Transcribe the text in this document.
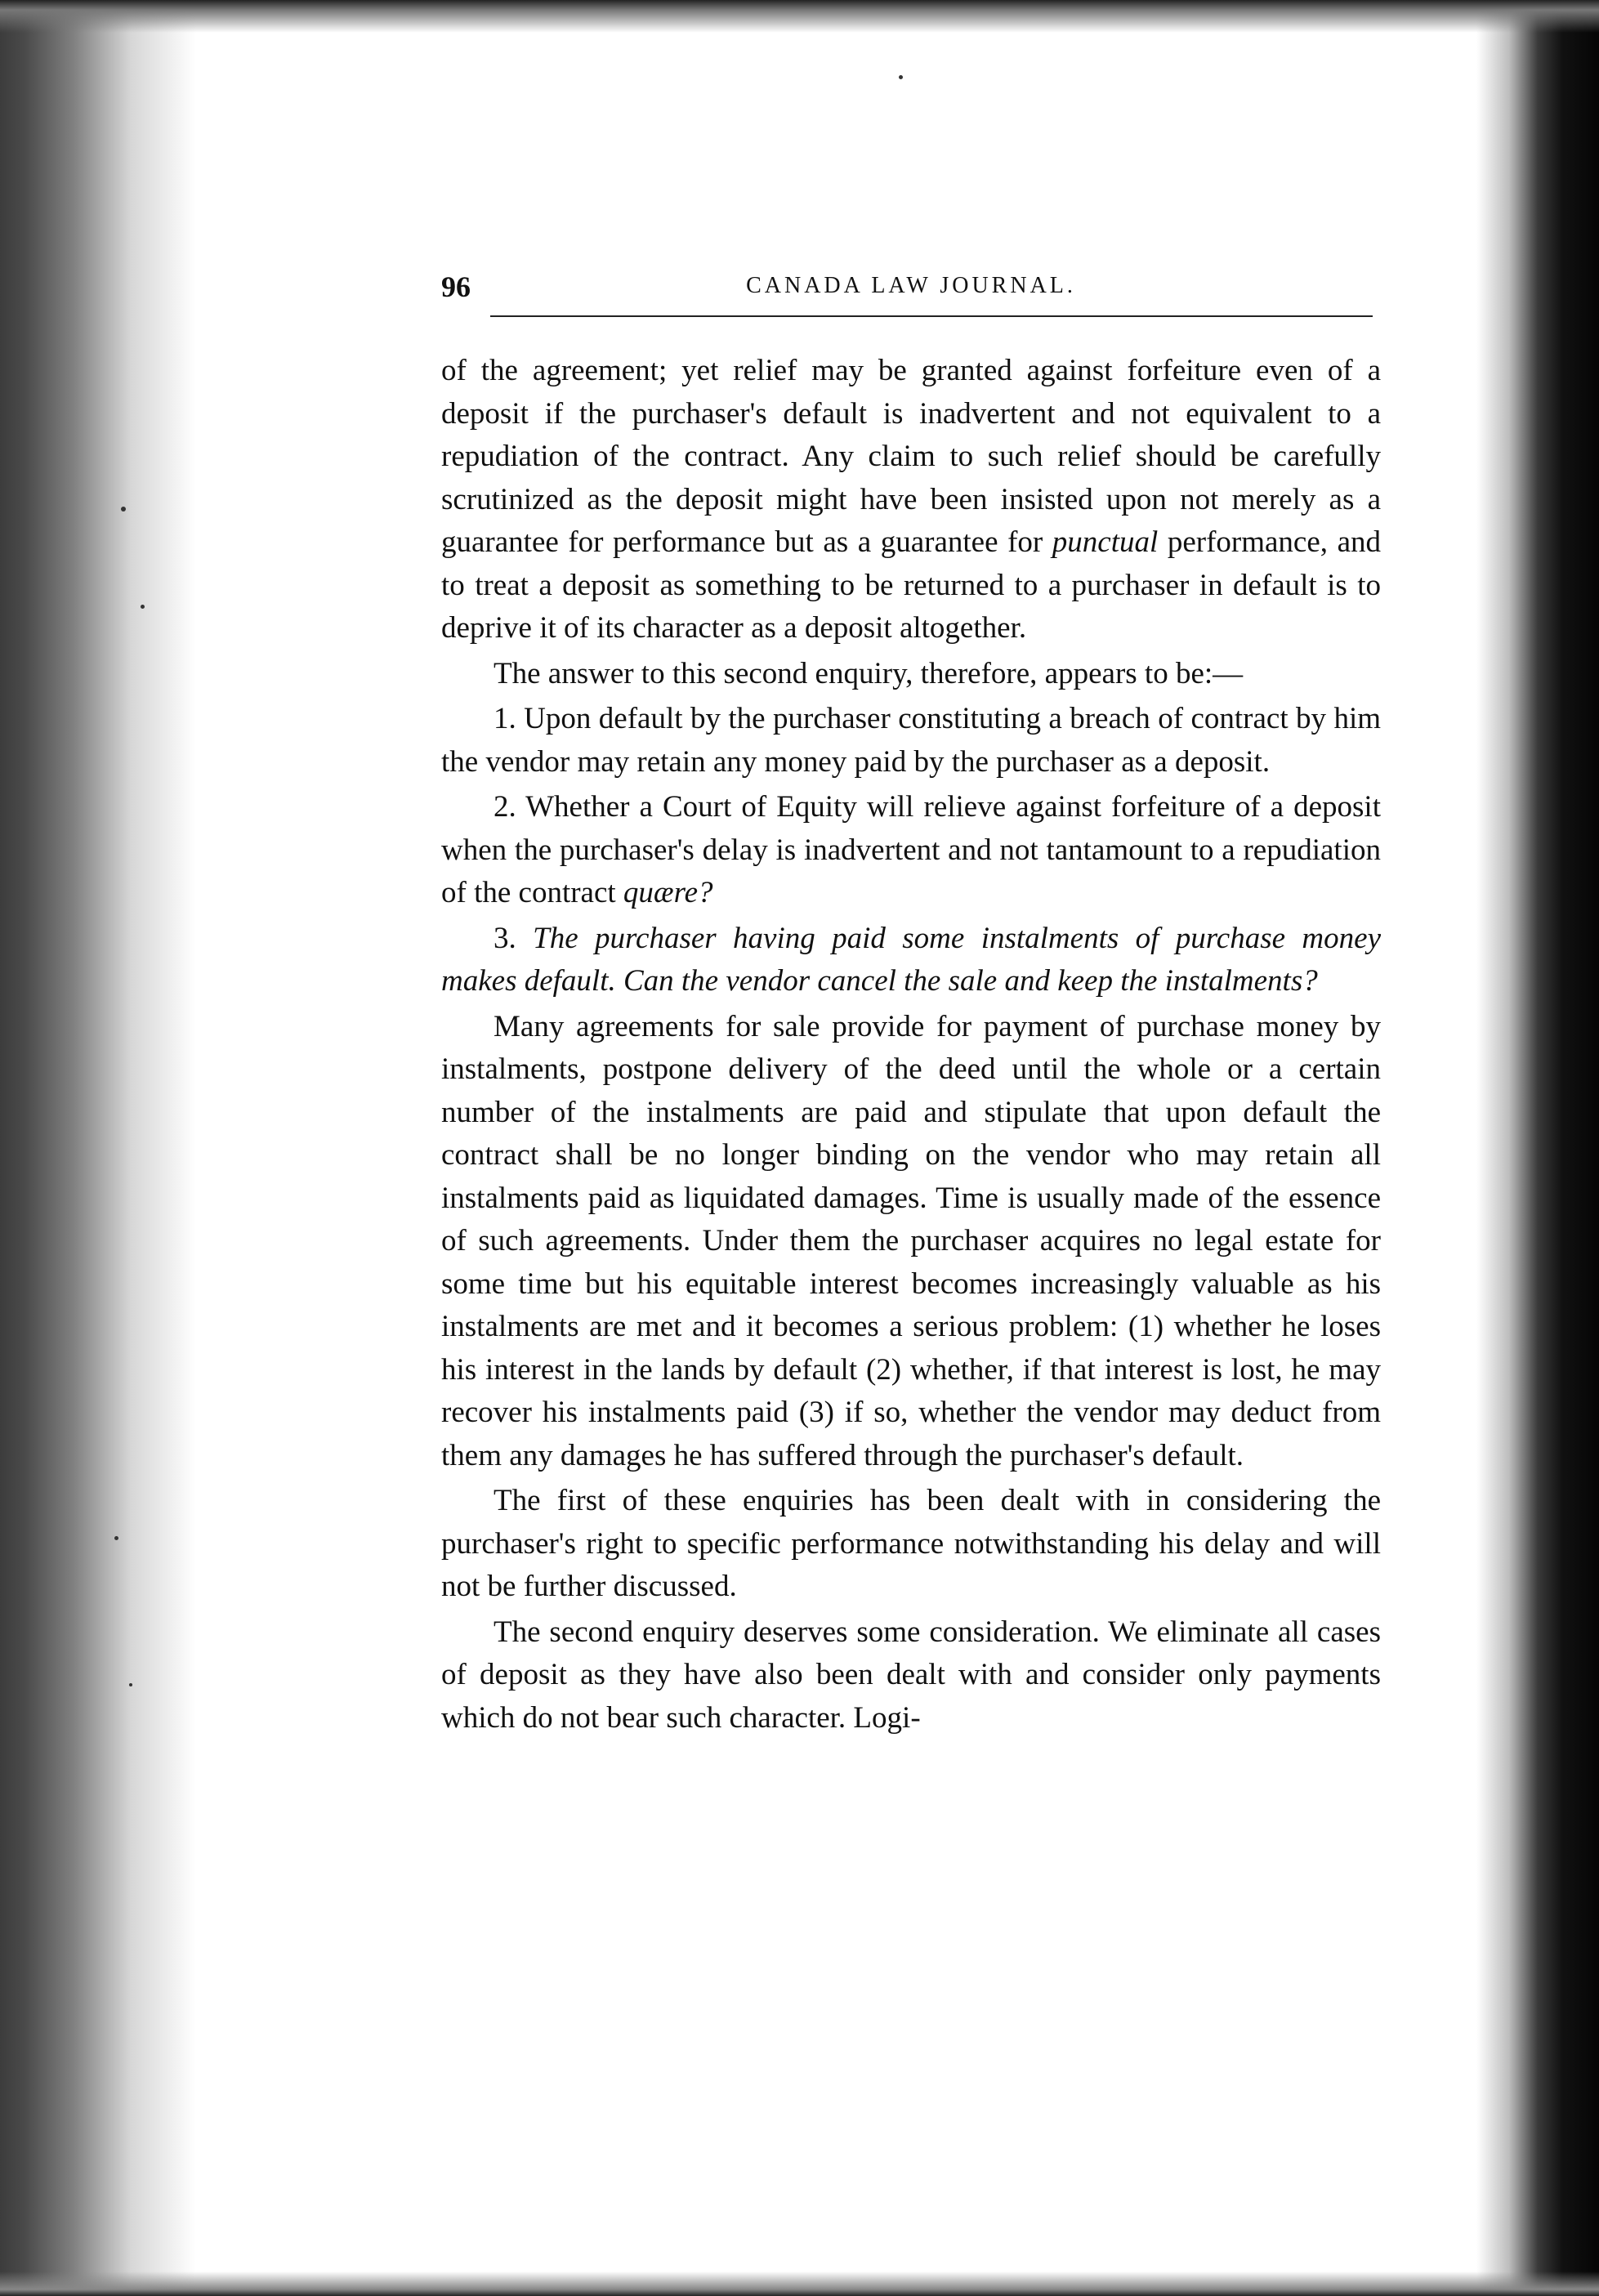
96	CANADA LAW JOURNAL.

of the agreement; yet relief may be granted against forfeiture even of a deposit if the purchaser's default is inadvertent and not equivalent to a repudiation of the contract. Any claim to such relief should be carefully scrutinized as the deposit might have been insisted upon not merely as a guarantee for performance but as a guarantee for punctual performance, and to treat a deposit as something to be returned to a purchaser in default is to deprive it of its character as a deposit altogether.

The answer to this second enquiry, therefore, appears to be:—

1. Upon default by the purchaser constituting a breach of contract by him the vendor may retain any money paid by the purchaser as a deposit.

2. Whether a Court of Equity will relieve against forfeiture of a deposit when the purchaser's delay is inadvertent and not tantamount to a repudiation of the contract quære?

3. The purchaser having paid some instalments of purchase money makes default. Can the vendor cancel the sale and keep the instalments?

Many agreements for sale provide for payment of purchase money by instalments, postpone delivery of the deed until the whole or a certain number of the instalments are paid and stipulate that upon default the contract shall be no longer binding on the vendor who may retain all instalments paid as liquidated damages. Time is usually made of the essence of such agreements. Under them the purchaser acquires no legal estate for some time but his equitable interest becomes increasingly valuable as his instalments are met and it becomes a serious problem: (1) whether he loses his interest in the lands by default (2) whether, if that interest is lost, he may recover his instalments paid (3) if so, whether the vendor may deduct from them any damages he has suffered through the purchaser's default.

The first of these enquiries has been dealt with in considering the purchaser's right to specific performance notwithstanding his delay and will not be further discussed.

The second enquiry deserves some consideration. We eliminate all cases of deposit as they have also been dealt with and consider only payments which do not bear such character. Logi-
